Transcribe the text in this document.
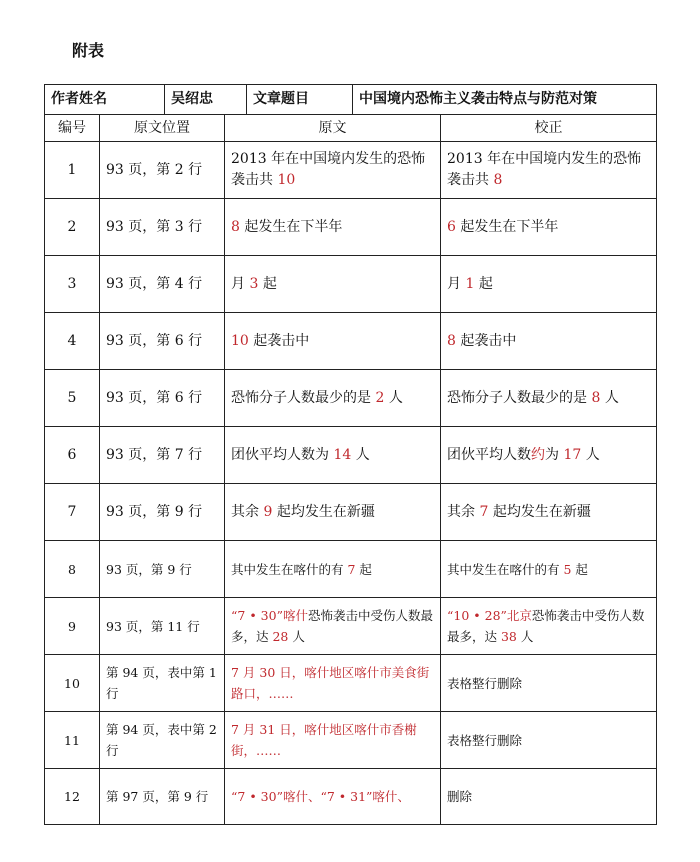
附表
作者姓名	吴绍忠	文章题目	中国境内恐怖主义袭击特点与防范对策

编号	原文位置	原文	校正
1	93 页，第 2 行	2013 年在中国境内发生的恐怖袭击共 10	2013 年在中国境内发生的恐怖袭击共 8
2	93 页，第 3 行	8 起发生在下半年	6 起发生在下半年
3	93 页，第 4 行	月 3 起	月 1 起
4	93 页，第 6 行	10 起袭击中	8 起袭击中
5	93 页，第 6 行	恐怖分子人数最少的是 2 人	恐怖分子人数最少的是 8 人
6	93 页，第 7 行	团伙平均人数为 14 人	团伙平均人数约为 17 人
7	93 页，第 9 行	其余 9 起均发生在新疆	其余 7 起均发生在新疆
8	93 页，第 9 行	其中发生在喀什的有 7 起	其中发生在喀什的有 5 起
9	93 页，第 11 行	“7 • 30”喀什恐怖袭击中受伤人数最多，达 28 人	“10 • 28”北京恐怖袭击中受伤人数最多，达 38 人
10	第 94 页，表中第 1 行	7 月 30 日，喀什地区喀什市美食街路口，……	表格整行删除
11	第 94 页，表中第 2 行	7 月 31 日，喀什地区喀什市香榭街，……	表格整行删除
12	第 97 页，第 9 行	“7 • 30”喀什、“7 • 31”喀什、	删除
